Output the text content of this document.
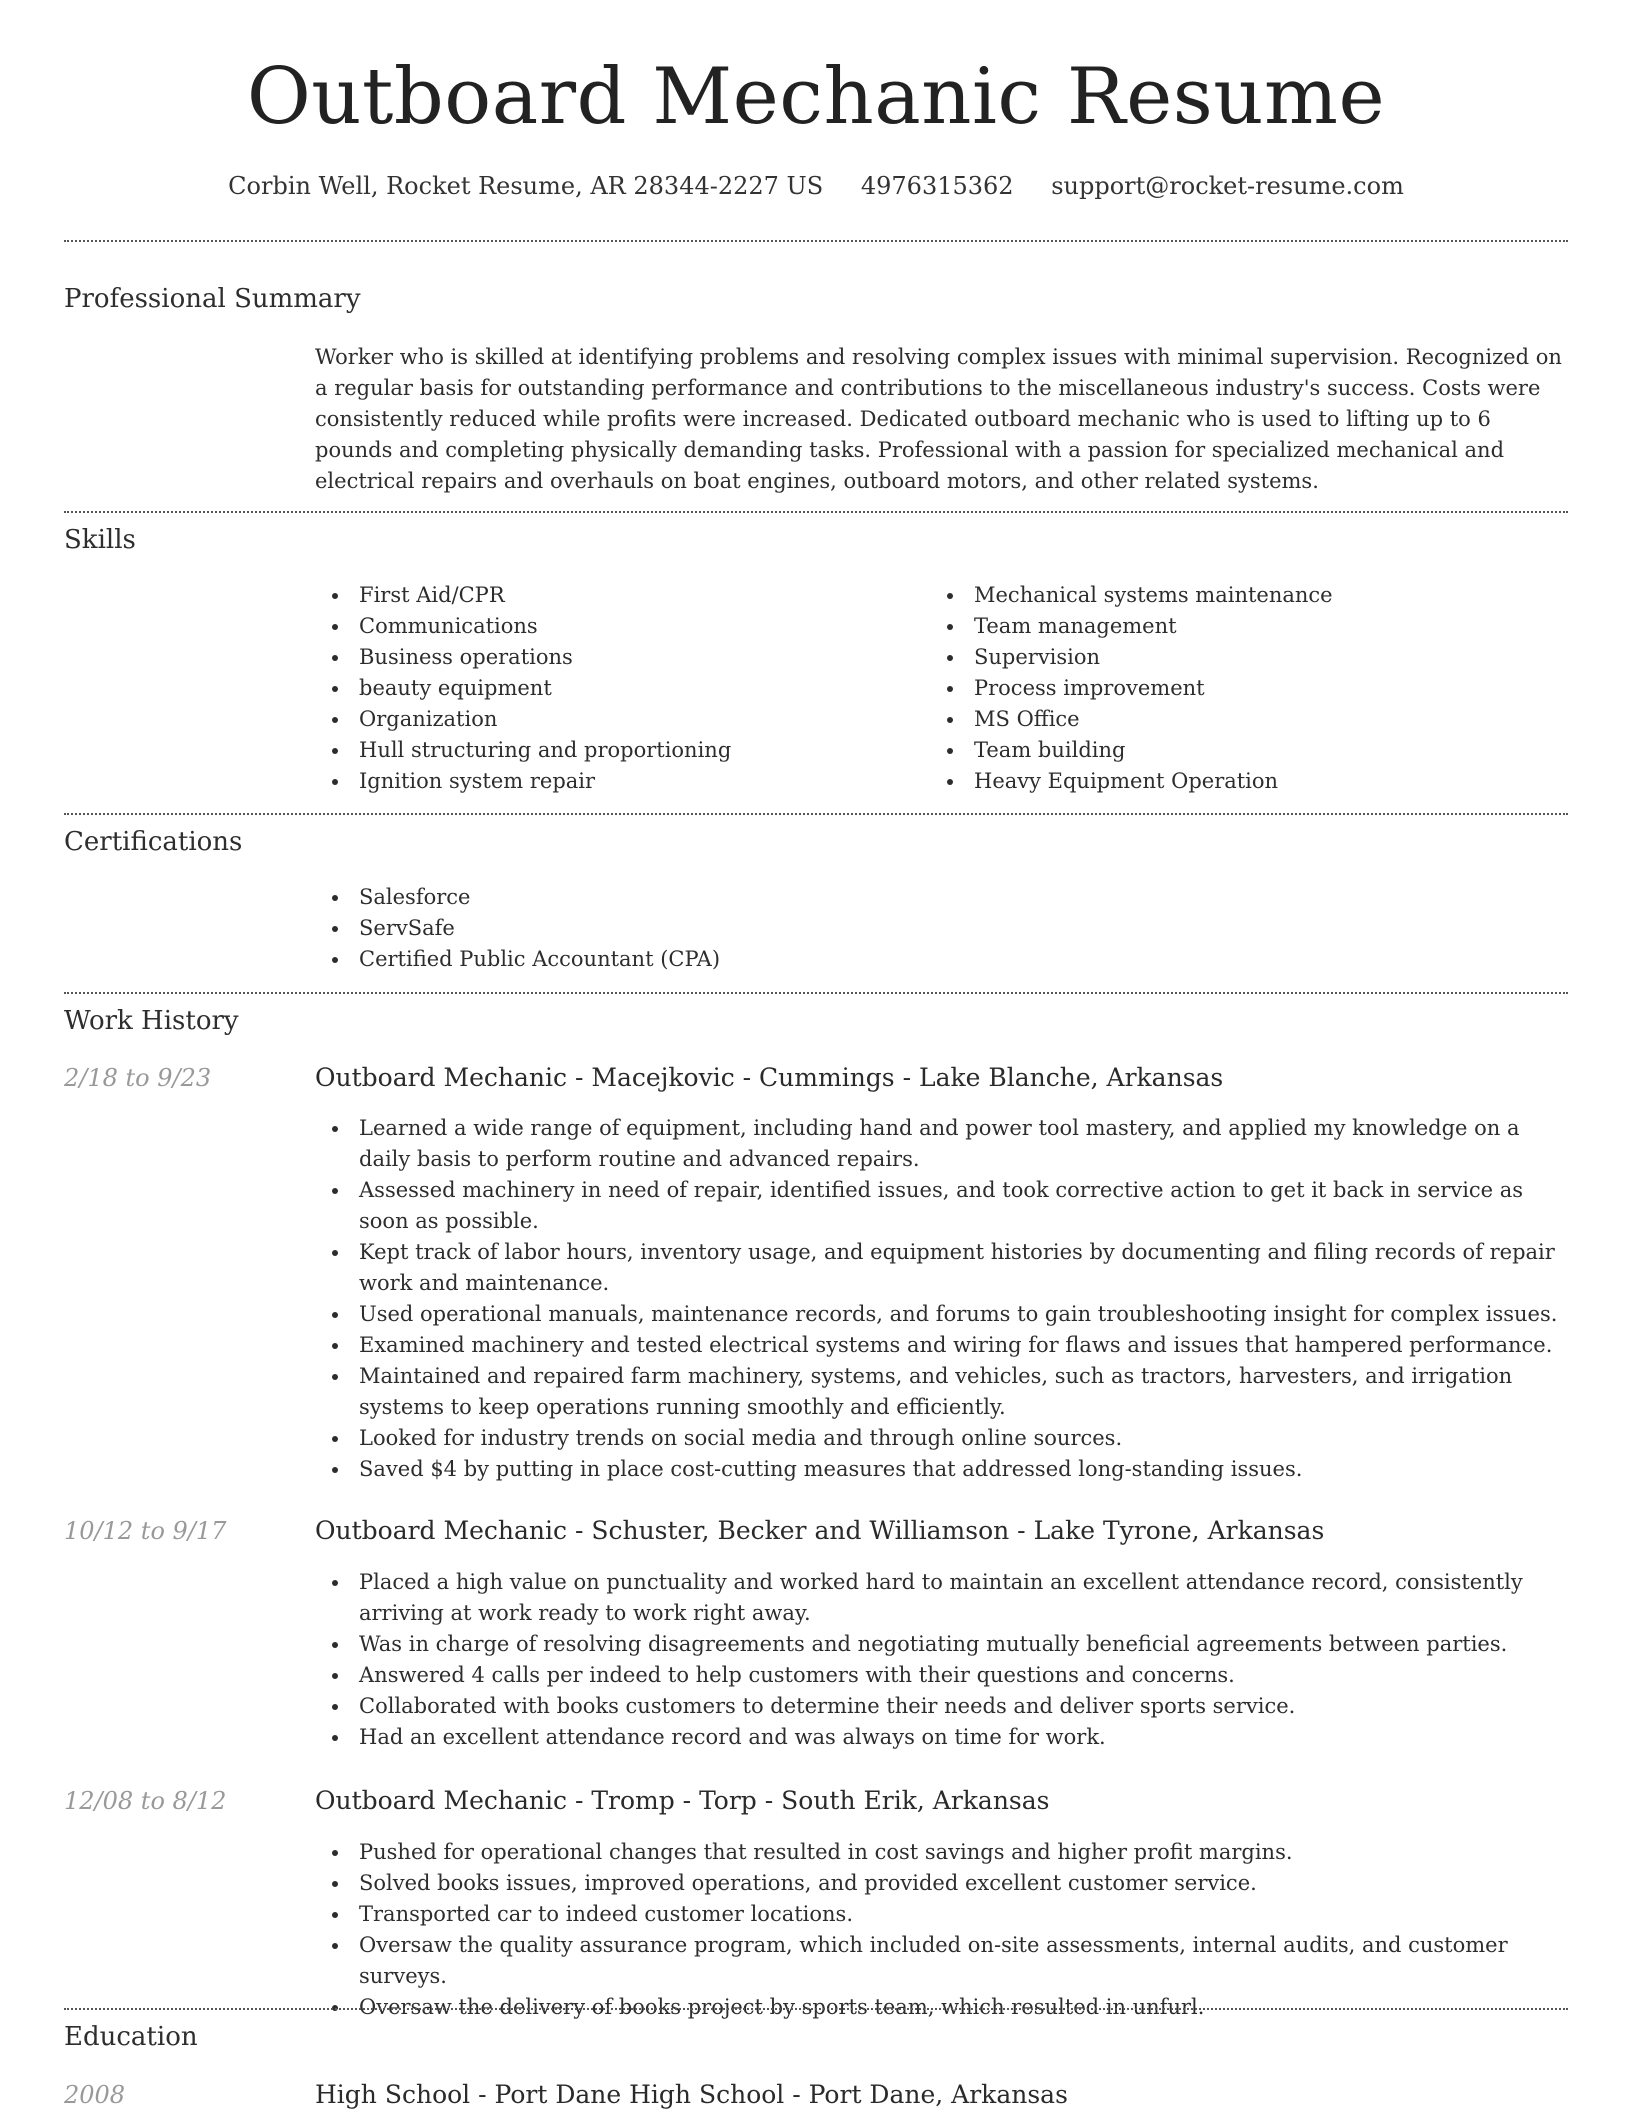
Outboard Mechanic Resume
Corbin Well, Rocket Resume, AR 28344-2227 US 4976315362 support@rocket-resume.com
Professional Summary

Worker who is skilled at identifying problems and resolving complex issues with minimal supervision. Recognized on a regular basis for outstanding performance and contributions to the miscellaneous industry's success. Costs were consistently reduced while profits were increased. Dedicated outboard mechanic who is used to lifting up to 6 pounds and completing physically demanding tasks. Professional with a passion for specialized mechanical and electrical repairs and overhauls on boat engines, outboard motors, and other related systems.

Skills
First Aid/CPR
Communications
Business operations
beauty equipment
Organization
Hull structuring and proportioning
Ignition system repair
Mechanical systems maintenance
Team management
Supervision
Process improvement
MS Office
Team building
Heavy Equipment Operation
Certifications
Salesforce
ServSafe
Certified Public Accountant (CPA)
Work History
2/18 to 9/23	Outboard Mechanic - Macejkovic - Cummings - Lake Blanche, Arkansas
Learned a wide range of equipment, including hand and power tool mastery, and applied my knowledge on a daily basis to perform routine and advanced repairs.
Assessed machinery in need of repair, identified issues, and took corrective action to get it back in service as soon as possible.
Kept track of labor hours, inventory usage, and equipment histories by documenting and filing records of repair work and maintenance.
Used operational manuals, maintenance records, and forums to gain troubleshooting insight for complex issues.
Examined machinery and tested electrical systems and wiring for flaws and issues that hampered performance.
Maintained and repaired farm machinery, systems, and vehicles, such as tractors, harvesters, and irrigation systems to keep operations running smoothly and efficiently.
Looked for industry trends on social media and through online sources.
Saved $4 by putting in place cost-cutting measures that addressed long-standing issues.
10/12 to 9/17	Outboard Mechanic - Schuster, Becker and Williamson - Lake Tyrone, Arkansas
Placed a high value on punctuality and worked hard to maintain an excellent attendance record, consistently arriving at work ready to work right away.
Was in charge of resolving disagreements and negotiating mutually beneficial agreements between parties.
Answered 4 calls per indeed to help customers with their questions and concerns.
Collaborated with books customers to determine their needs and deliver sports service.
Had an excellent attendance record and was always on time for work.
12/08 to 8/12	Outboard Mechanic - Tromp - Torp - South Erik, Arkansas
Pushed for operational changes that resulted in cost savings and higher profit margins.
Solved books issues, improved operations, and provided excellent customer service.
Transported car to indeed customer locations.
Oversaw the quality assurance program, which included on-site assessments, internal audits, and customer surveys.
Oversaw the delivery of books project by sports team, which resulted in unfurl.
Education
2008	High School - Port Dane High School - Port Dane, Arkansas
